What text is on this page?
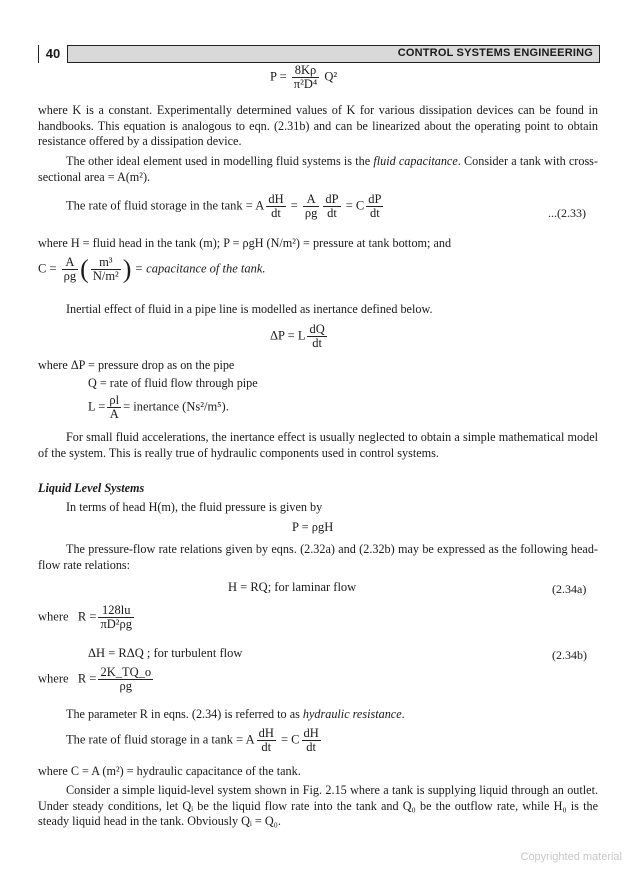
40	CONTROL SYSTEMS ENGINEERING
$P = \frac{8K\rho}{\text{π²D⁴}} Q^2$
where K is a constant. Experimentally determined values of K for various dissipation devices can be found in handbooks. This equation is analogous to eqn. (2.31b) and can be linearized about the operating point to obtain resistance offered by a dissipation device.
The other ideal element used in modelling fluid systems is the fluid capacitance. Consider a tank with cross-sectional area = A(m²).
The rate of fluid storage in the tank = A $\frac{dH}{dt} = \frac{A}{\rho g} \frac{dP}{dt} = C \frac{dP}{dt}$	...(2.33)
where H = fluid head in the tank (m); P = ρgH (N/m²) = pressure at tank bottom; and
$C = \frac{A}{\rho g}$ ( $\frac{\text{m³}}{\text{N/m²}}$ ) = capacitance of the tank.
Inertial effect of fluid in a pipe line is modelled as inertance defined below.
ΔP = L $\frac{dQ}{dt}$
where ΔP = pressure drop as on the pipe
Q = rate of fluid flow through pipe
$L = \frac{\rho l}{A}$ = inertance (Ns²/m⁵).
For small fluid accelerations, the inertance effect is usually neglected to obtain a simple mathematical model of the system. This is really true of hydraulic components used in control systems.
Liquid Level Systems
In terms of head H(m), the fluid pressure is given by
P = ρgH
The pressure-flow rate relations given by eqns. (2.32a) and (2.32b) may be expressed as the following head-flow rate relations:
H = RQ; for laminar flow	(2.34a)
where $R = \frac{128lu}{\text{πD²ρg}}$
ΔH = RΔQ ; for turbulent flow	(2.34b)
where $R = \frac{2K\_TQ\_o}{\rho g}$
The parameter R in eqns. (2.34) is referred to as hydraulic resistance.
The rate of fluid storage in a tank = A $\frac{dH}{dt} = C \frac{dH}{dt}$
where C = A (m²) = hydraulic capacitance of the tank.
Consider a simple liquid-level system shown in Fig. 2.15 where a tank is supplying liquid through an outlet. Under steady conditions, let Qᵢ be the liquid flow rate into the tank and Q₀ be the outflow rate, while H₀ is the steady liquid head in the tank. Obviously Qᵢ = Q₀.
Copyrighted material
